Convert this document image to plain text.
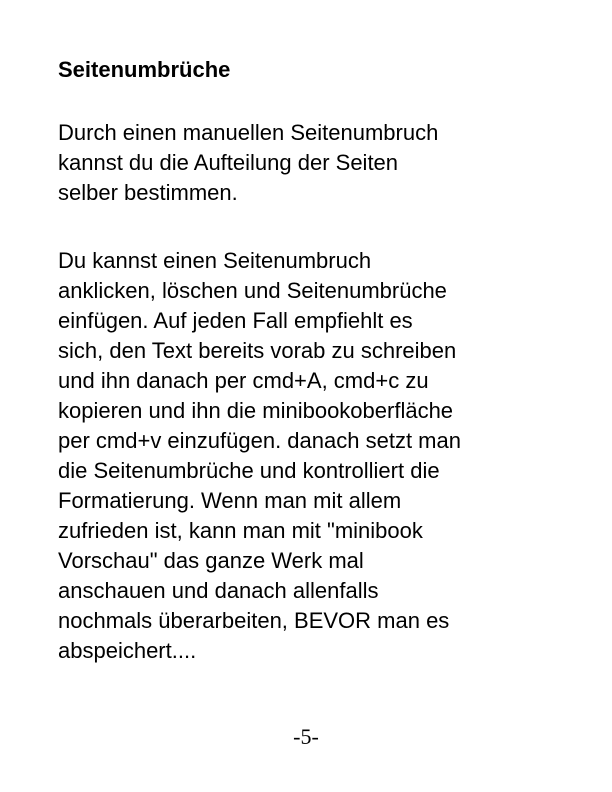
Seitenumbrüche

Durch einen manuellen Seitenumbruch
kannst du die Aufteilung der Seiten
selber bestimmen.

Du kannst einen Seitenumbruch
anklicken, löschen und Seitenumbrüche
einfügen. Auf jeden Fall empfiehlt es
sich, den Text bereits vorab zu schreiben
und ihn danach per cmd+A, cmd+c zu
kopieren und ihn die minibookoberfläche
per cmd+v einzufügen. danach setzt man
die Seitenumbrüche und kontrolliert die
Formatierung. Wenn man mit allem
zufrieden ist, kann man mit "minibook
Vorschau" das ganze Werk mal
anschauen und danach allenfalls
nochmals überarbeiten, BEVOR man es
abspeichert....

-5-
